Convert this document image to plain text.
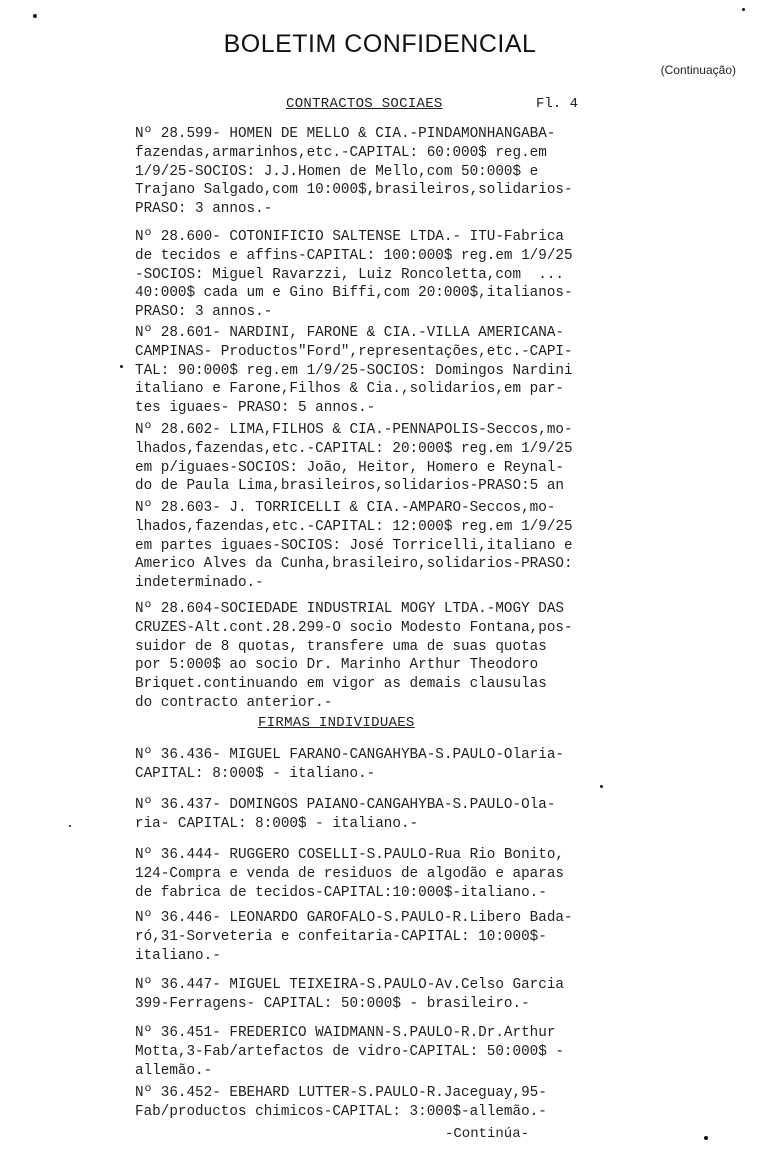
BOLETIM CONFIDENCIAL
(Continuação)
CONTRACTOS SOCIAES	Fl. 4
Nº 28.599- HOMEN DE MELLO & CIA.-PINDAMONHANGABA-
fazendas,armarinhos,etc.-CAPITAL: 60:000$ reg.em
1/9/25-SOCIOS: J.J.Homen de Mello,com 50:000$ e
Trajano Salgado,com 10:000$,brasileiros,solidarios-
PRASO: 3 annos.-
Nº 28.600- COTONIFICIO SALTENSE LTDA.- ITU-Fabrica
de tecidos e affins-CAPITAL: 100:000$ reg.em 1/9/25
-SOCIOS: Miguel Ravarzzi, Luiz Roncoletta,com  ...
40:000$ cada um e Gino Biffi,com 20:000$,italianos-
PRASO: 3 annos.-
Nº 28.601- NARDINI, FARONE & CIA.-VILLA AMERICANA-
CAMPINAS- Productos"Ford",representações,etc.-CAPI-
TAL: 90:000$ reg.em 1/9/25-SOCIOS: Domingos Nardini
italiano e Farone,Filhos & Cia.,solidarios,em par-
tes iguaes- PRASO: 5 annos.-
Nº 28.602- LIMA,FILHOS & CIA.-PENNAPOLIS-Seccos,mo-
lhados,fazendas,etc.-CAPITAL: 20:000$ reg.em 1/9/25
em p/iguaes-SOCIOS: João, Heitor, Homero e Reynal-
do de Paula Lima,brasileiros,solidarios-PRASO:5 an
Nº 28.603- J. TORRICELLI & CIA.-AMPARO-Seccos,mo-
lhados,fazendas,etc.-CAPITAL: 12:000$ reg.em 1/9/25
em partes iguaes-SOCIOS: José Torricelli,italiano e
Americo Alves da Cunha,brasileiro,solidarios-PRASO:
indeterminado.-
Nº 28.604-SOCIEDADE INDUSTRIAL MOGY LTDA.-MOGY DAS
CRUZES-Alt.cont.28.299-O socio Modesto Fontana,pos-
suidor de 8 quotas, transfere uma de suas quotas
por 5:000$ ao socio Dr. Marinho Arthur Theodoro
Briquet.continuando em vigor as demais clausulas
do contracto anterior.-
FIRMAS INDIVIDUAES
Nº 36.436- MIGUEL FARANO-CANGAHYBA-S.PAULO-Olaria-
CAPITAL: 8:000$ - italiano.-
Nº 36.437- DOMINGOS PAIANO-CANGAHYBA-S.PAULO-Ola-
ria- CAPITAL: 8:000$ - italiano.-
Nº 36.444- RUGGERO COSELLI-S.PAULO-Rua Rio Bonito,
124-Compra e venda de residuos de algodão e aparas
de fabrica de tecidos-CAPITAL:10:000$-italiano.-
Nº 36.446- LEONARDO GAROFALO-S.PAULO-R.Libero Bada-
ró,31-Sorveteria e confeitaria-CAPITAL: 10:000$-
italiano.-
Nº 36.447- MIGUEL TEIXEIRA-S.PAULO-Av.Celso Garcia
399-Ferragens- CAPITAL: 50:000$ - brasileiro.-
Nº 36.451- FREDERICO WAIDMANN-S.PAULO-R.Dr.Arthur
Motta,3-Fab/artefactos de vidro-CAPITAL: 50:000$ -
allemão.-
Nº 36.452- EBEHARD LUTTER-S.PAULO-R.Jaceguay,95-
Fab/productos chimicos-CAPITAL: 3:000$-allemão.-
-Continúa-
